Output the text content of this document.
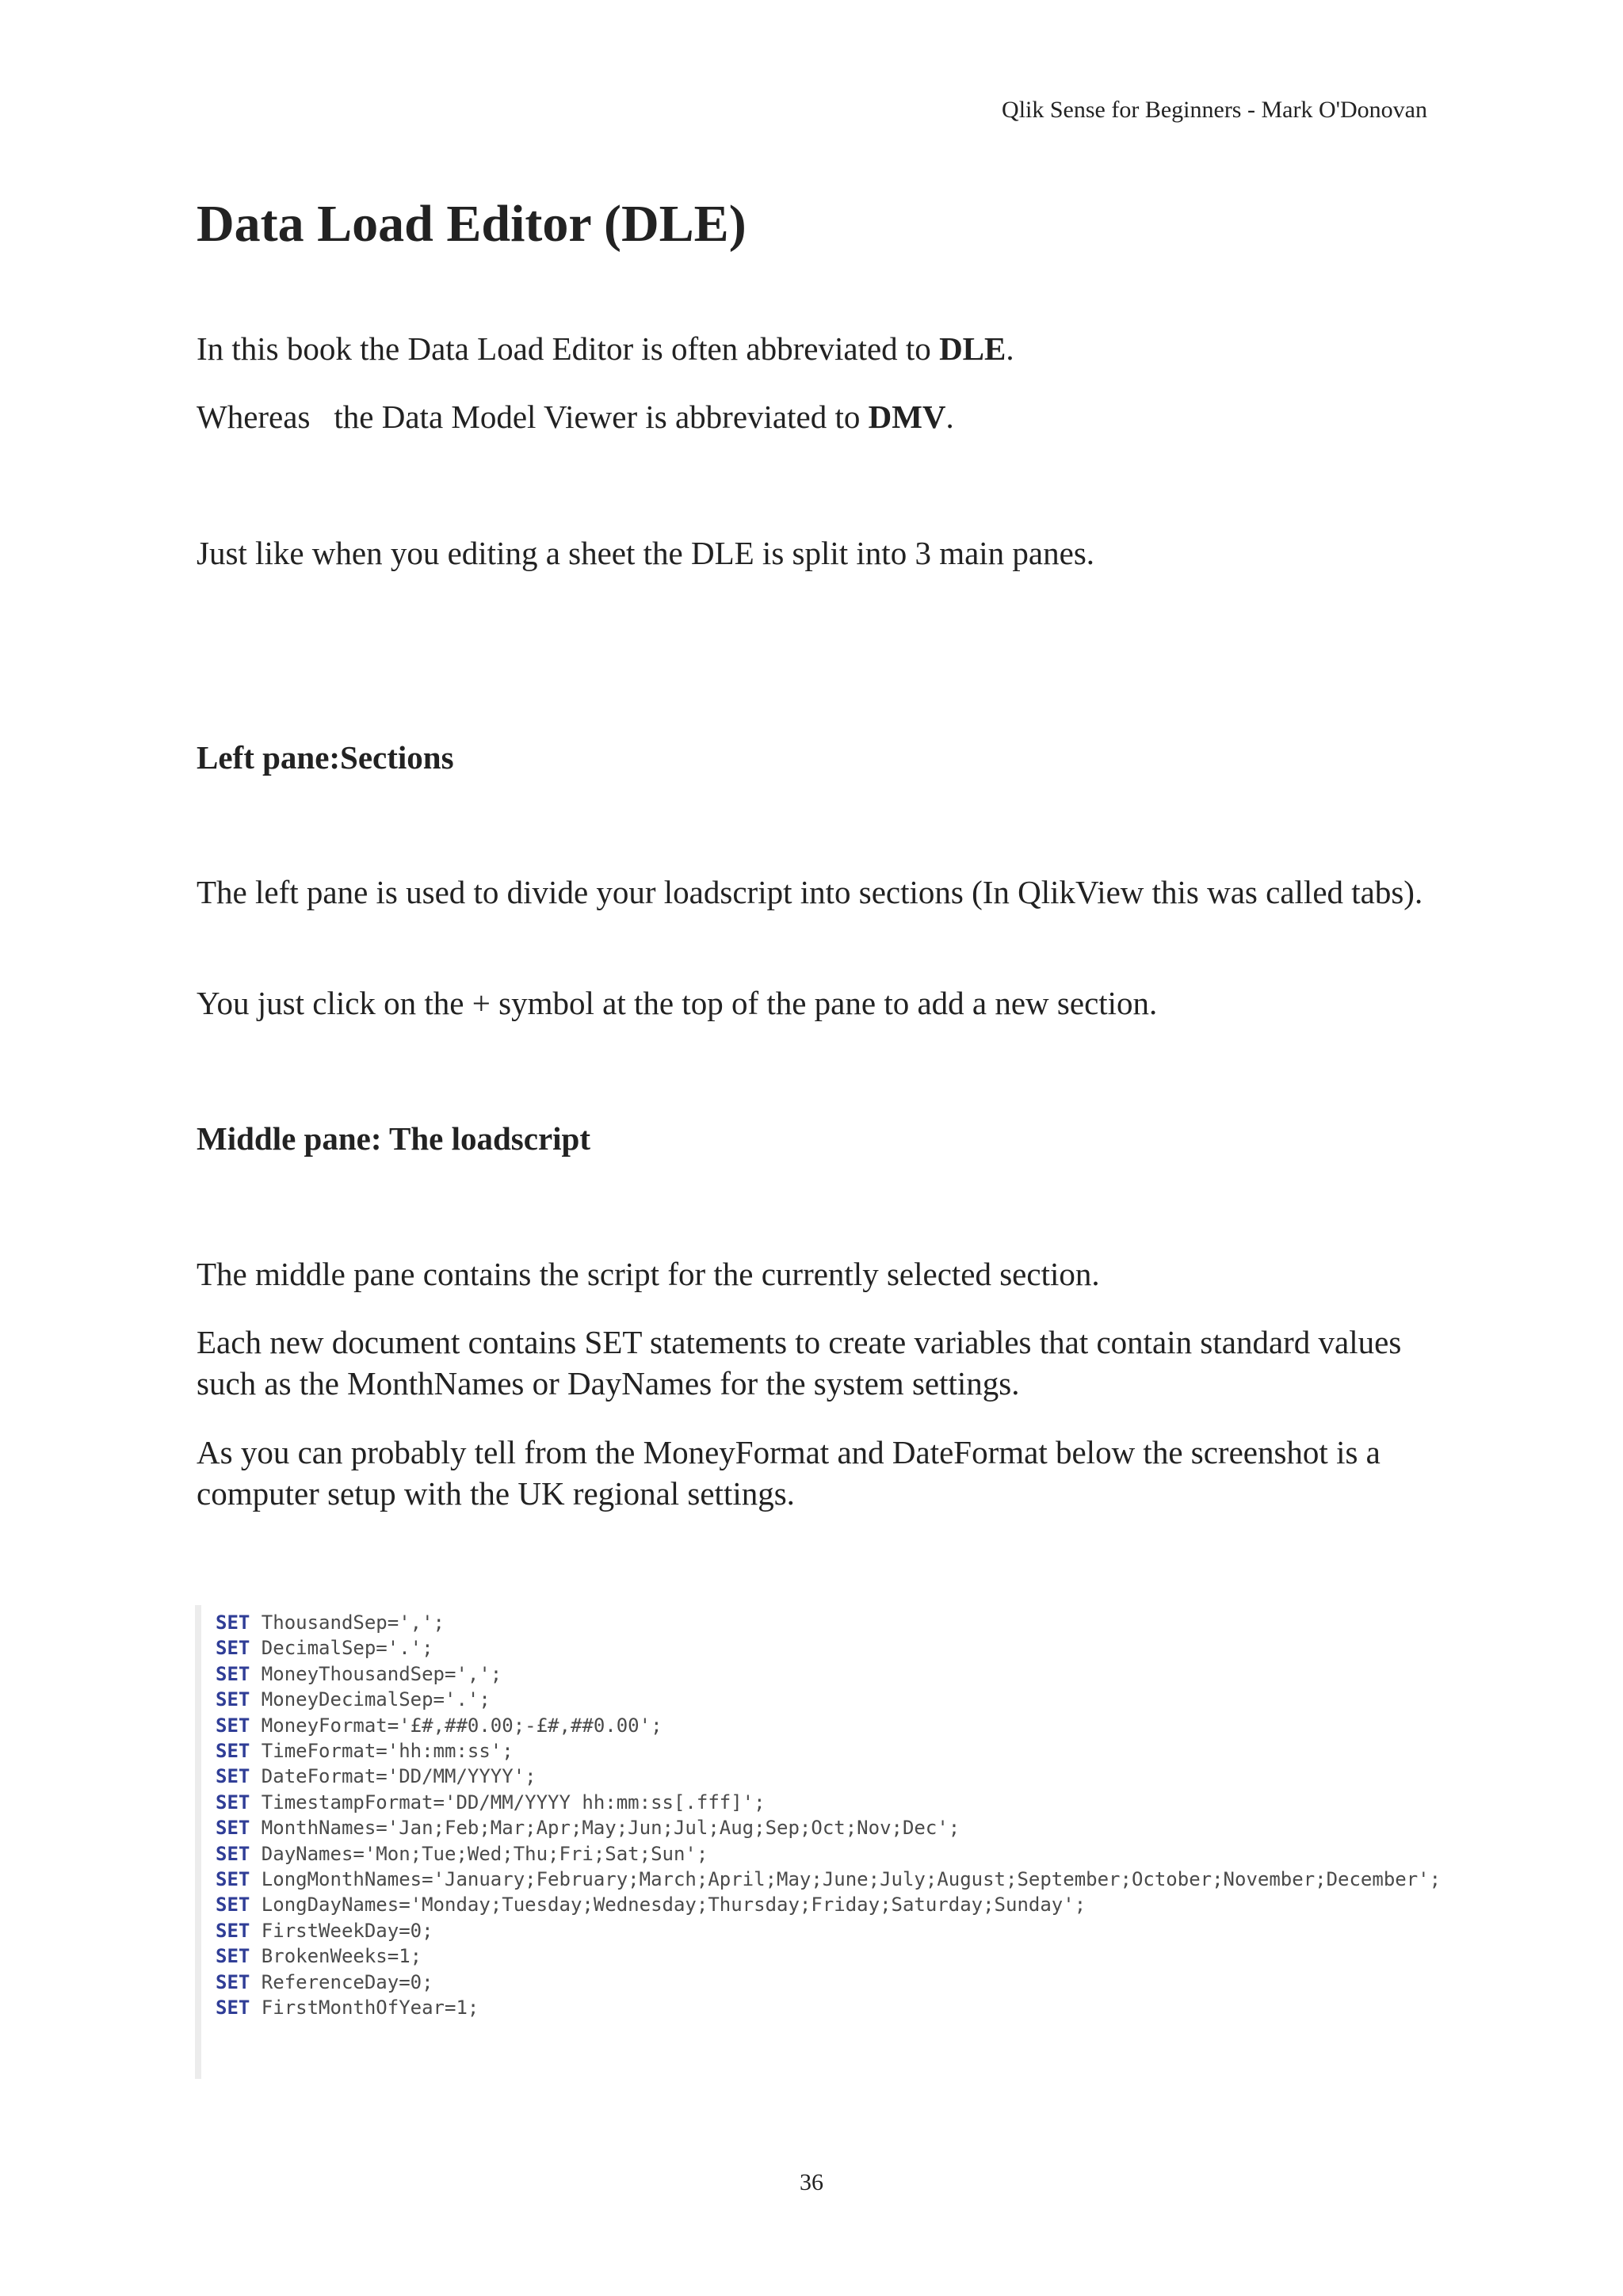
Qlik Sense for Beginners - Mark O'Donovan
Data Load Editor (DLE)

In this book the Data Load Editor is often abbreviated to DLE.

Whereas the Data Model Viewer is abbreviated to DMV.

Just like when you editing a sheet the DLE is split into 3 main panes.

Left pane:Sections

The left pane is used to divide your loadscript into sections (In QlikView this was called tabs).

You just click on the + symbol at the top of the pane to add a new section.

Middle pane: The loadscript

The middle pane contains the script for the currently selected section.

Each new document contains SET statements to create variables that contain standard values such as the MonthNames or DayNames for the system settings.

As you can probably tell from the MoneyFormat and DateFormat below the screenshot is a computer setup with the UK regional settings.

SET ThousandSep=',';
SET DecimalSep='.';
SET MoneyThousandSep=',';
SET MoneyDecimalSep='.';
SET MoneyFormat='£#,##0.00;-£#,##0.00';
SET TimeFormat='hh:mm:ss';
SET DateFormat='DD/MM/YYYY';
SET TimestampFormat='DD/MM/YYYY hh:mm:ss[.fff]';
SET MonthNames='Jan;Feb;Mar;Apr;May;Jun;Jul;Aug;Sep;Oct;Nov;Dec';
SET DayNames='Mon;Tue;Wed;Thu;Fri;Sat;Sun';
SET LongMonthNames='January;February;March;April;May;June;July;August;September;October;November;December';
SET LongDayNames='Monday;Tuesday;Wednesday;Thursday;Friday;Saturday;Sunday';
SET FirstWeekDay=0;
SET BrokenWeeks=1;
SET ReferenceDay=0;
SET FirstMonthOfYear=1;
36
